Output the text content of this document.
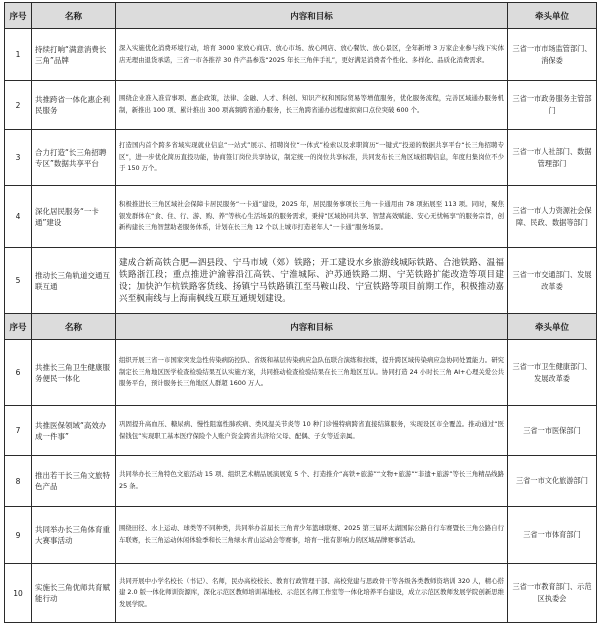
序号	名称	内容和目标	牵头单位
1	持续打响“满意消费长三角”品牌	深入实施优化消费环境行动，培育 3000 家放心商店、放心市场、放心网店、放心餐饮、放心景区，全年新增 3 万家企业参与线下实体店无理由退货承诺，三省一市各推荐 30 件产品参选“2025 年长三角伴手礼”，更好满足消费者个性化、多样化、品质化消费需求。	三省一市市场监管部门、消保委
2	共推跨省一体化惠企利民服务	围绕企业准入准营事项、惠企政策，法律、金融、人才、科创、知识产权和国际贸易等增值服务，优化服务流程，完善区域通办服务机制，新推出 100 项、累计推出 300 项高频跨省通办服务，长三角跨省通办远程虚拟窗口点位突破 600 个。	三省一市政务服务主管部门
3	合力打造“长三角招聘专区”数据共享平台	打造国内首个跨多省域实现就业信息“一站式”展示、招聘岗位“一体式”检索以及求职简历“一键式”投递的数据共享平台“长三角招聘专区”，进一步优化简历直投功能，协商签订岗位共享协议，制定统一的岗位共享标准，共同发布长三角区域招聘信息，年度归集岗位不少于 150 万个。	三省一市人社部门、数据管理部门
4	深化居民服务“一卡通”建设	积极推进长三角区域社会保障卡居民服务“一卡通”建设，2025 年，居民服务事项长三角一卡通用由 78 项拓展至 113 项。同时，聚焦银发群体在“食、住、行、游、购、养”等核心生活场景的服务需求，秉持“区域协同共享、智慧高效赋能、安心无忧畅享”的服务宗旨，创新构建长三角智慧助老服务体系，计划在长三角 12 个以上城市打造老年人“一卡通”服务场景。	三省一市人力资源社会保障、民政、数据等部门
5	推动长三角轨道交通互联互通	建成合新高铁合肥—泗县段、宁马市域（郊）铁路；开工建设水乡旅游线城际铁路、合池铁路、温福铁路浙江段；重点推进沪渝蓉沿江高铁、宁淮城际、沪苏通铁路二期、宁芜铁路扩能改造等项目建设；加快沪乍杭铁路客货线、扬镇宁马铁路镇江至马鞍山段、宁宣铁路等项目前期工作，积极推动嘉兴至枫南线与上海南枫线互联互通规划建设。	三省一市交通部门、发展改革委
序号	名称	内容和目标	牵头单位
6	共推长三角卫生健康服务便民一体化	组织开展三省一市国家突发急性传染病防控队、省级和基层传染病应急队伍联合演练和拉练，提升跨区域传染病应急协同处置能力。研究制定长三角地区医学检查检验结果互认实施方案，共同推动检查检验结果在长三角地区互认。协同打造 24 小时长三角 AI+心理关爱公共服务平台，预计服务长三角地区人群超 1600 万人。	三省一市卫生健康部门、发展改革委
7	共推医保领域“高效办成一件事”	巩固提升高血压、糖尿病、慢性阻塞性肺疾病、类风湿关节炎等 10 种门诊慢特病跨省直接结算服务，实现设区市全覆盖。推动通过“医保钱包”实现职工基本医疗保险个人账户资金跨省共济给父母、配偶、子女等近亲属。	三省一市医保部门
8	推出若干长三角文旅特色产品	共同举办长三角特色文旅活动 15 项、组织艺术精品展演展览 5 个、打造推介“高铁+旅游”“文物+旅游”“非遗+旅游”等长三角精品线路 25 条。	三省一市文化旅游部门
9	共同举办长三角体育重大赛事活动	围绕田径、水上运动、球类等不同种类，共同举办首届长三角青少年篮球联赛、2025 第三届环太湖国际公路自行车赛暨长三角公路自行车联赛，长三角运动休闲体验季和长三角绿水青山运动会等赛事，培育一批有影响力的区域品牌赛事活动。	三省一市体育部门
10	实施长三角优师共育赋能行动	共同开展中小学名校长（书记）、名师，民办高校校长、教育行政管理干部、高校党建与思政骨干等各级各类教师资培训 320 人，精心搭建 2.0 版一体化师训资源库，深化示范区教师培训基地校、示范区名师工作室等一体化培养平台建设，成立示范区教师发展学院创新思维发展学院。	三省一市教育部门、示范区执委会
